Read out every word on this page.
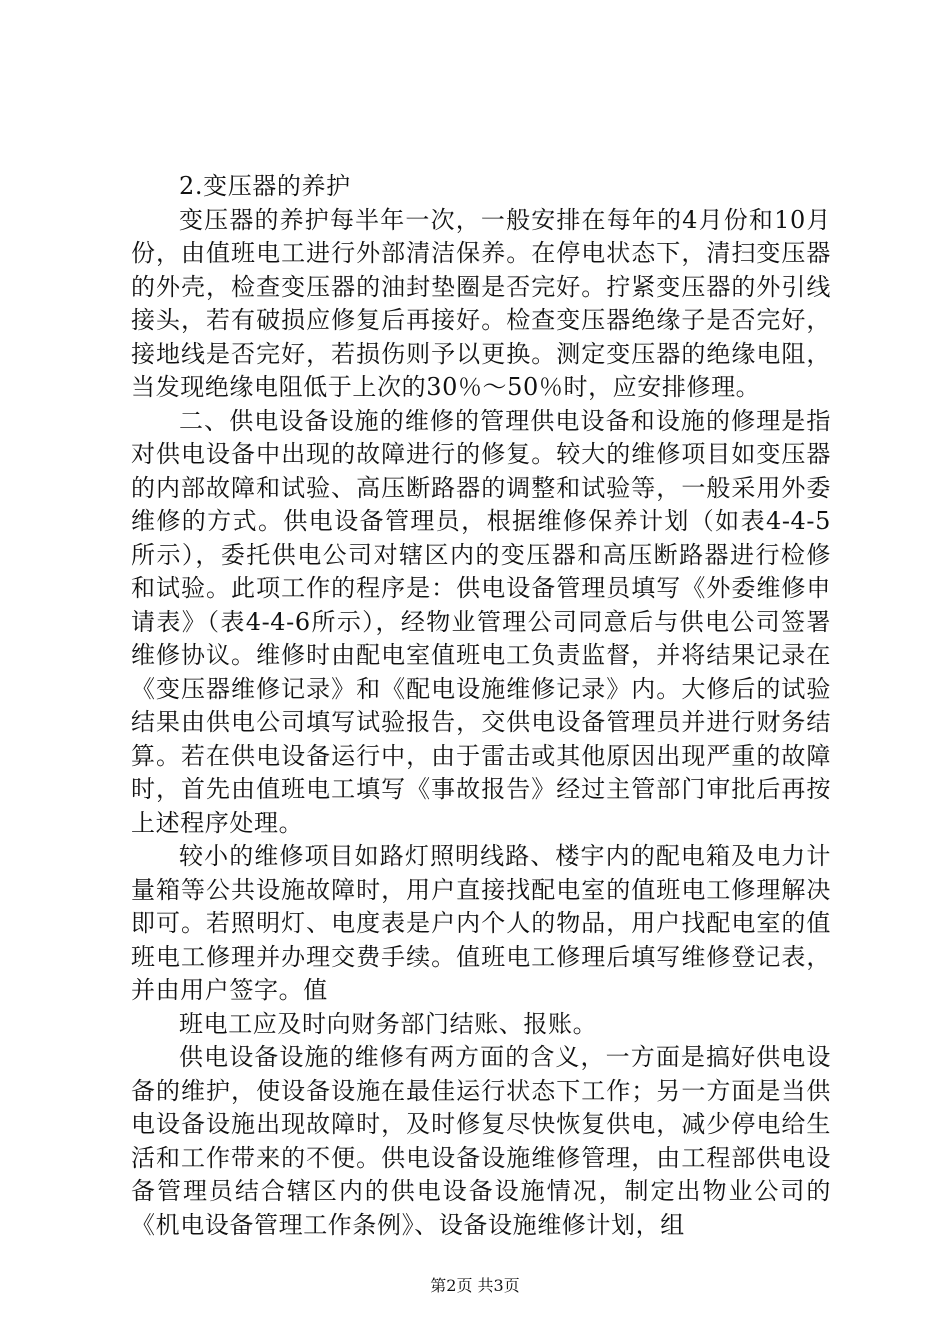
2.变压器的养护

变压器的养护每半年一次，一般安排在每年的4月份和10月份，由值班电工进行外部清洁保养。在停电状态下，清扫变压器的外壳，检查变压器的油封垫圈是否完好。拧紧变压器的外引线接头，若有破损应修复后再接好。检查变压器绝缘子是否完好，接地线是否完好，若损伤则予以更换。测定变压器的绝缘电阻，当发现绝缘电阻低于上次的30％～50％时，应安排修理。

二、供电设备设施的维修的管理供电设备和设施的修理是指对供电设备中出现的故障进行的修复。较大的维修项目如变压器的内部故障和试验、高压断路器的调整和试验等，一般采用外委维修的方式。供电设备管理员，根据维修保养计划（如表4-4-5所示），委托供电公司对辖区内的变压器和高压断路器进行检修和试验。此项工作的程序是：供电设备管理员填写《外委维修申请表》（表4-4-6所示），经物业管理公司同意后与供电公司签署维修协议。维修时由配电室值班电工负责监督，并将结果记录在《变压器维修记录》和《配电设施维修记录》内。大修后的试验结果由供电公司填写试验报告，交供电设备管理员并进行财务结算。若在供电设备运行中，由于雷击或其他原因出现严重的故障时，首先由值班电工填写《事故报告》经过主管部门审批后再按上述程序处理。

较小的维修项目如路灯照明线路、楼宇内的配电箱及电力计量箱等公共设施故障时，用户直接找配电室的值班电工修理解决即可。若照明灯、电度表是户内个人的物品，用户找配电室的值班电工修理并办理交费手续。值班电工修理后填写维修登记表，并由用户签字。值

班电工应及时向财务部门结账、报账。

供电设备设施的维修有两方面的含义，一方面是搞好供电设备的维护，使设备设施在最佳运行状态下工作；另一方面是当供电设备设施出现故障时，及时修复尽快恢复供电，减少停电给生活和工作带来的不便。供电设备设施维修管理，由工程部供电设备管理员结合辖区内的供电设备设施情况，制定出物业公司的《机电设备管理工作条例》、设备设施维修计划，组

第2页 共3页
